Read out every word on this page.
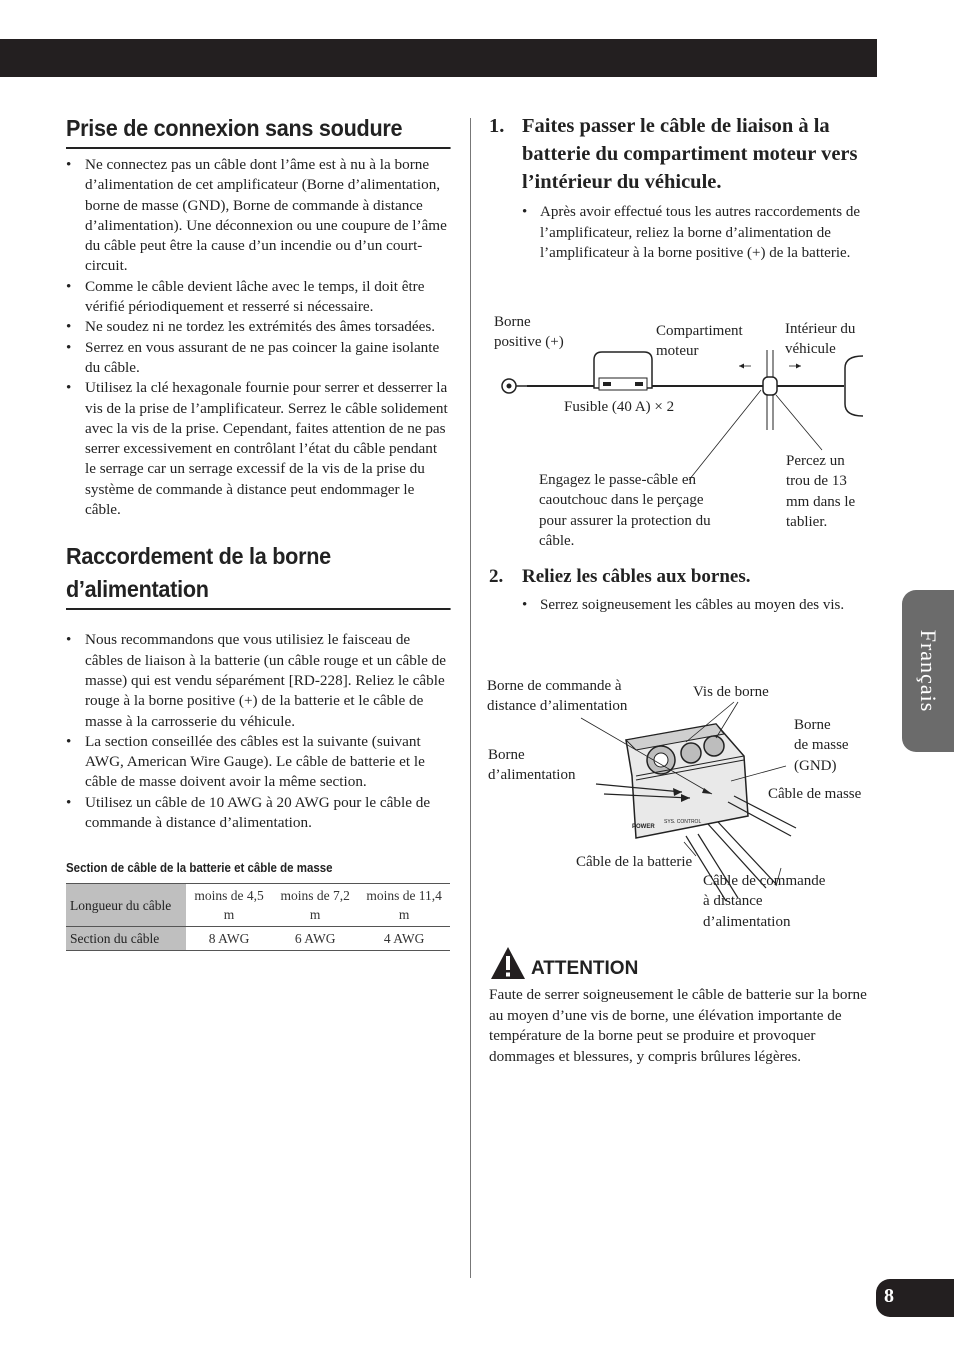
Prise de connexion sans soudure
• Ne connectez pas un câble dont l’âme est à nu à la borne d’alimentation de cet amplificateur (Borne d’alimentation, borne de masse (GND), Borne de commande à distance d’alimentation). Une déconnexion ou une coupure de l’âme du câble peut être la cause d’un incendie ou d’un court-circuit.
• Comme le câble devient lâche avec le temps, il doit être vérifié périodiquement et resserré si nécessaire.
• Ne soudez ni ne tordez les extrémités des âmes torsadées.
• Serrez en vous assurant de ne pas coincer la gaine isolante du câble.
• Utilisez la clé hexagonale fournie pour serrer et desserrer la vis de la prise de l’amplificateur. Serrez le câble solidement avec la vis de la prise. Cependant, faites attention de ne pas serrer excessivement en contrôlant l’état du câble pendant le serrage car un serrage excessif de la vis de la prise du système de commande à distance peut endommager le câble.
Raccordement de la borne
d’alimentation
• Nous recommandons que vous utilisiez le faisceau de câbles de liaison à la batterie (un câble rouge et un câble de masse) qui est vendu séparément [RD-228]. Reliez le câble rouge à la borne positive (+) de la batterie et le câble de masse à la carrosserie du véhicule.
• La section conseillée des câbles est la suivante (suivant AWG, American Wire Gauge). Le câble de batterie et le câble de masse doivent avoir la même section.
• Utilisez un câble de 10 AWG à 20 AWG pour le câble de commande à distance d’alimentation.
Section de câble de la batterie et câble de masse
Longueur du câble	moins de 4,5 m	moins de 7,2 m	moins de 11,4 m
Section du câble	8 AWG	6 AWG	4 AWG

1. Faites passer le câble de liaison à la batterie du compartiment moteur vers l’intérieur du véhicule.

• Après avoir effectué tous les autres raccordements de l’amplificateur, reliez la borne d’alimentation de l’amplificateur à la borne positive (+) de la batterie.
Borne
positive (+)
Compartiment
moteur
Intérieur du
véhicule
Fusible (40 A) × 2
Engagez le passe-câble en
caoutchouc dans le perçage
pour assurer la protection du
câble.
Percez un
trou de 13
mm dans le
tablier.

2. Reliez les câbles aux bornes.

• Serrez soigneusement les câbles au moyen des vis.
POWER
SYS. CONTROL
Borne de commande à
distance d’alimentation
Vis de borne
Borne
de masse
(GND)
Borne
d’alimentation
Câble de masse
Câble de la batterie
Câble de commande
à distance
d’alimentation
ATTENTION
Faute de serrer soigneusement le câble de batterie sur la borne au moyen d’une vis de borne, une élévation importante de température de la borne peut se produire et provoquer dommages et blessures, y compris brûlures légères.
Français
8
